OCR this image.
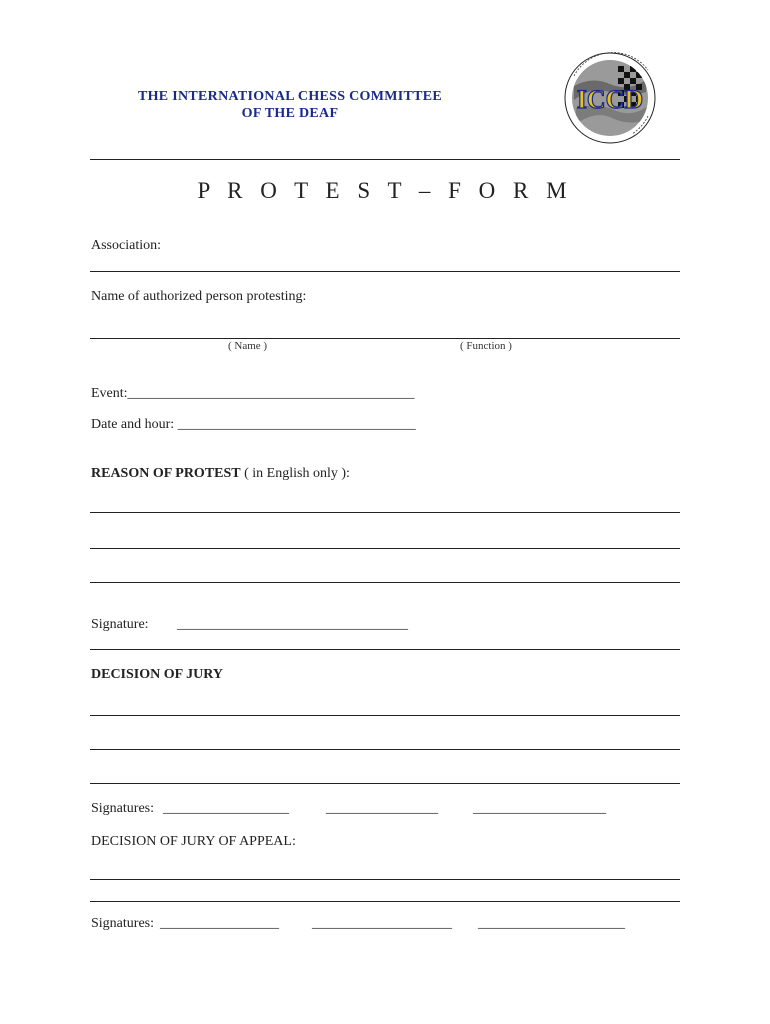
THE INTERNATIONAL CHESS COMMITTEE
OF THE DEAF	ICCD
P R O T E S T – F O R M
Association:
Name of authorized person protesting:
( Name )	( Function )
Event:_________________________________________
Date and hour: __________________________________
REASON OF PROTEST ( in English only ):
Signature: _________________________________
DECISION OF JURY
Signatures: __________________	________________	___________________
DECISION OF JURY OF APPEAL:
Signatures: _________________ ____________________ _____________________
